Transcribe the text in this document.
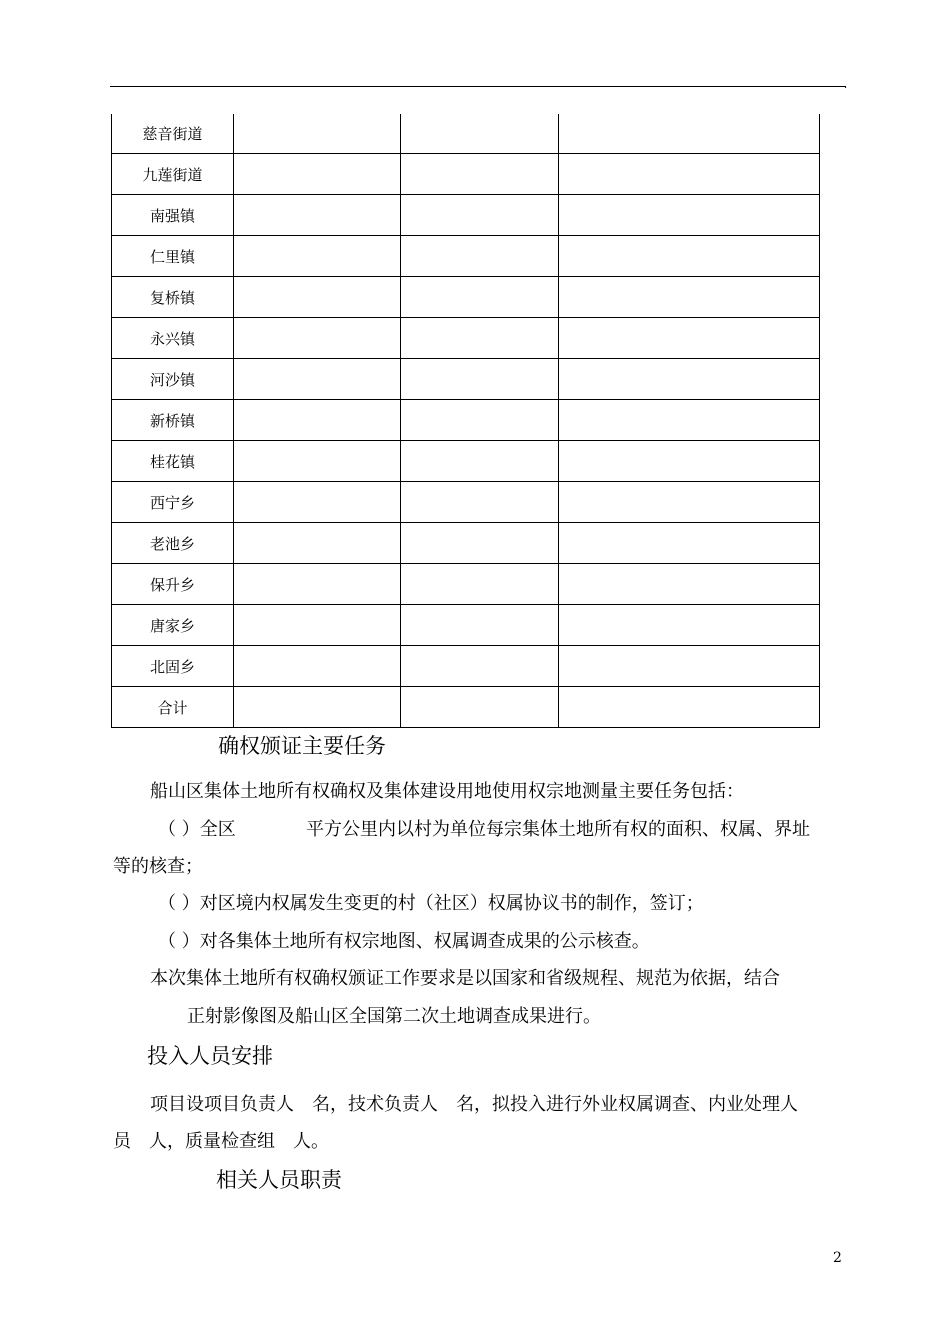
.
慈音街道			
九莲街道			
南强镇			
仁里镇			
复桥镇			
永兴镇			
河沙镇			
新桥镇			
桂花镇			
西宁乡			
老池乡			
保升乡			
唐家乡			
北固乡			
合计			
确权颁证主要任务
船山区集体土地所有权确权及集体建设用地使用权宗地测量主要任务包括：
（ ）全区	平方公里内以村为单位每宗集体土地所有权的面积、权属、界址
等的核查；
（ ）对区境内权属发生变更的村（社区）权属协议书的制作，签订；
（ ）对各集体土地所有权宗地图、权属调查成果的公示核查。
本次集体土地所有权确权颁证工作要求是以国家和省级规程、规范为依据，结合
正射影像图及船山区全国第二次土地调查成果进行。
投入人员安排
项目设项目负责人　名，技术负责人　名，拟投入进行外业权属调查、内业处理人
员　人，质量检查组　人。
相关人员职责
2
